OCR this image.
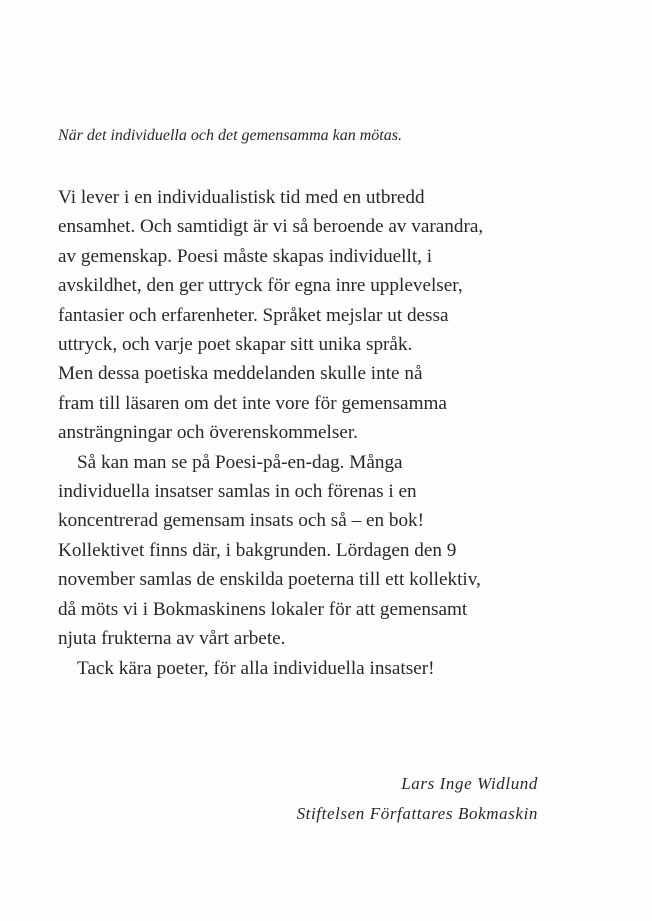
När det individuella och det gemensamma kan mötas.
Vi lever i en individualistisk tid med en utbredd
ensamhet. Och samtidigt är vi så beroende av varandra,
av gemenskap. Poesi måste skapas individuellt, i
avskildhet, den ger uttryck för egna inre upplevelser,
fantasier och erfarenheter. Språket mejslar ut dessa
uttryck, och varje poet skapar sitt unika språk.
Men dessa poetiska meddelanden skulle inte nå
fram till läsaren om det inte vore för gemensamma
ansträngningar och överenskommelser.
Så kan man se på Poesi-på-en-dag. Många
individuella insatser samlas in och förenas i en
koncentrerad gemensam insats och så – en bok!
Kollektivet finns där, i bakgrunden. Lördagen den 9
november samlas de enskilda poeterna till ett kollektiv,
då möts vi i Bokmaskinens lokaler för att gemensamt
njuta frukterna av vårt arbete.
Tack kära poeter, för alla individuella insatser!
Lars Inge Widlund
Stiftelsen Författares Bokmaskin
